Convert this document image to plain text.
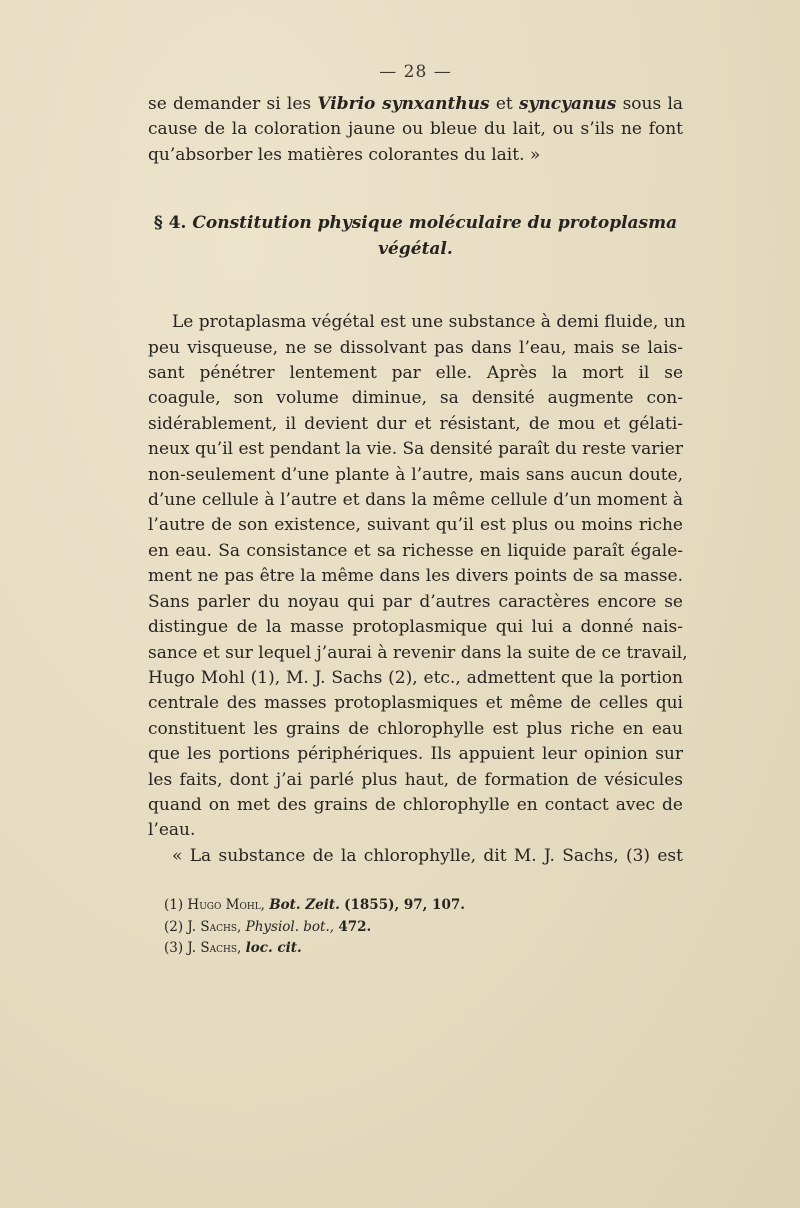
— 28 —

se demander si les Vibrio synxanthus et syncyanus sous la
cause de la coloration jaune ou bleue du lait, ou s’ils ne font
qu’absorber les matières colorantes du lait. »

§ 4. Constitution physique moléculaire du protoplasma
végétal.

Le protaplasma végétal est une substance à demi fluide, un
peu visqueuse, ne se dissolvant pas dans l’eau, mais se lais-
sant pénétrer lentement par elle. Après la mort il se
coagule, son volume diminue, sa densité augmente con-
sidérablement, il devient dur et résistant, de mou et gélati-
neux qu’il est pendant la vie. Sa densité paraît du reste varier
non-seulement d’une plante à l’autre, mais sans aucun doute,
d’une cellule à l’autre et dans la même cellule d’un moment à
l’autre de son existence, suivant qu’il est plus ou moins riche
en eau. Sa consistance et sa richesse en liquide paraît égale-
ment ne pas être la même dans les divers points de sa masse.
Sans parler du noyau qui par d’autres caractères encore se
distingue de la masse protoplasmique qui lui a donné nais-
sance et sur lequel j’aurai à revenir dans la suite de ce travail,
Hugo Mohl (1), M. J. Sachs (2), etc., admettent que la portion
centrale des masses protoplasmiques et même de celles qui
constituent les grains de chlorophylle est plus riche en eau
que les portions périphériques. Ils appuient leur opinion sur
les faits, dont j’ai parlé plus haut, de formation de vésicules
quand on met des grains de chlorophylle en contact avec de
l’eau.
« La substance de la chlorophylle, dit M. J. Sachs, (3) est

(1) Hugo Mohl, Bot. Zeit. (1855), 97, 107.
(2) J. Sachs, Physiol. bot., 472.
(3) J. Sachs, loc. cit.
